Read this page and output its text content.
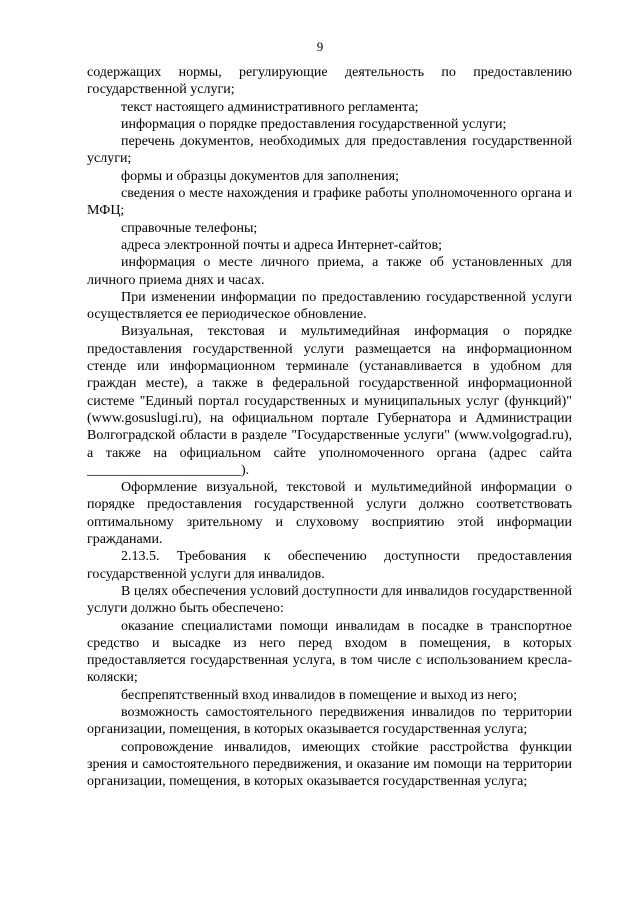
9

содержащих нормы, регулирующие деятельность по предоставлению государственной услуги;

текст настоящего административного регламента;

информация о порядке предоставления государственной услуги;

перечень документов, необходимых для предоставления государственной услуги;

формы и образцы документов для заполнения;

сведения о месте нахождения и графике работы уполномоченного органа и МФЦ;

справочные телефоны;

адреса электронной почты и адреса Интернет-сайтов;

информация о месте личного приема, а также об установленных для личного приема днях и часах.

При изменении информации по предоставлению государственной услуги осуществляется ее периодическое обновление.

Визуальная, текстовая и мультимедийная информация о порядке предоставления государственной услуги размещается на информационном стенде или информационном терминале (устанавливается в удобном для граждан месте), а также в федеральной государственной информационной системе "Единый портал государственных и муниципальных услуг (функций)" (www.gosuslugi.ru), на официальном портале Губернатора и Администрации Волгоградской области в разделе "Государственные услуги" (www.volgograd.ru), а также на официальном сайте уполномоченного органа (адрес сайта ______________________).

Оформление визуальной, текстовой и мультимедийной информации о порядке предоставления государственной услуги должно соответствовать оптимальному зрительному и слуховому восприятию этой информации гражданами.

2.13.5. Требования к обеспечению доступности предоставления государственной услуги для инвалидов.

В целях обеспечения условий доступности для инвалидов государственной услуги должно быть обеспечено:

оказание специалистами помощи инвалидам в посадке в транспортное средство и высадке из него перед входом в помещения, в которых предоставляется государственная услуга, в том числе с использованием кресла-коляски;

беспрепятственный вход инвалидов в помещение и выход из него;

возможность самостоятельного передвижения инвалидов по территории организации, помещения, в которых оказывается государственная услуга;

сопровождение инвалидов, имеющих стойкие расстройства функции зрения и самостоятельного передвижения, и оказание им помощи на территории организации, помещения, в которых оказывается государственная услуга;
